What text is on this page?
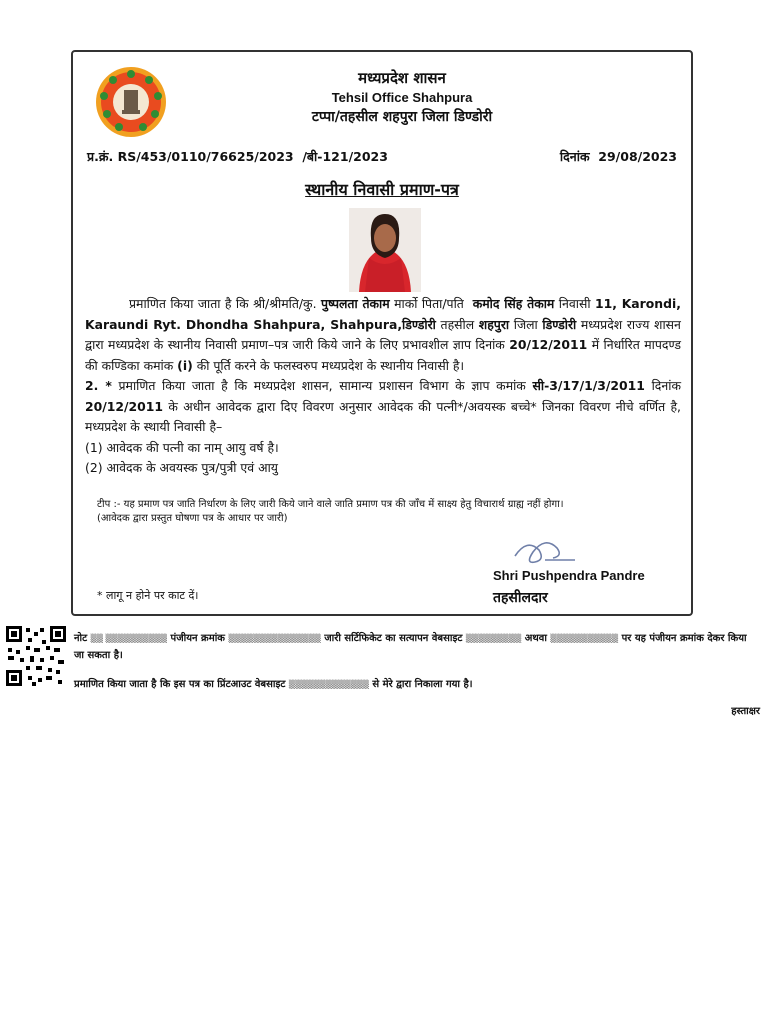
मध्यप्रदेश शासन
Tehsil Office Shahpura
टप्पा/तहसील शहपुरा जिला डिण्डोरी
प्र.क्रं. RS/453/0110/76625/2023 /बी-121/2023	दिनांक 29/08/2023
स्थानीय निवासी प्रमाण-पत्र

प्रमाणित किया जाता है कि श्री/श्रीमति/कु. पुष्पलता तेकाम मार्को पिता/पति कमोद सिंह तेकाम निवासी 11, Karondi, Karaundi Ryt. Dhondha Shahpura, Shahpura,डिण्डोरी तहसील शहपुरा जिला डिण्डोरी मध्यप्रदेश राज्य शासन द्वारा मध्यप्रदेश के स्थानीय निवासी प्रमाण–पत्र जारी किये जाने के लिए प्रभावशील ज्ञाप दिनांक 20/12/2011 में निर्धारित मापदण्ड की कण्डिका कमांक (i) की पूर्ति करने के फलस्वरुप मध्यप्रदेश के स्थानीय निवासी है।

2. * प्रमाणित किया जाता है कि मध्यप्रदेश शासन, सामान्य प्रशासन विभाग के ज्ञाप कमांक सी-3/17/1/3/2011 दिनांक 20/12/2011 के अधीन आवेदक द्वारा दिए विवरण अनुसार आवेदक की पत्नी*/अवयस्क बच्चे* जिनका विवरण नीचे वर्णित है, मध्यप्रदेश के स्थायी निवासी है–

(1) आवेदक की पत्नी का नाम् आयु वर्ष है।

(2) आवेदक के अवयस्क पुत्र/पुत्री एवं आयु

टीप :- यह प्रमाण पत्र जाति निर्धारण के लिए जारी किये जाने वाले जाति प्रमाण पत्र की जाँच में साक्ष्य हेतु विचारार्थ ग्राह्य नहीं होगा।
(आवेदक द्वारा प्रस्तुत घोषणा पत्र के आधार पर जारी)
Shri Pushpendra Pandre
तहसीलदार
* लागू न होने पर काट दें।
नोट ▒▒ ▒▒▒▒▒▒▒▒▒▒ पंजीयन क्रमांक ▒▒▒▒▒▒▒▒▒▒▒▒▒▒▒ जारी सर्टिफिकेट का सत्यापन वेबसाइट ▒▒▒▒▒▒▒▒▒ अथवा ▒▒▒▒▒▒▒▒▒▒▒ पर यह पंजीयन क्रमांक देकर किया जा सकता है।
प्रमाणित किया जाता है कि इस पत्र का प्रिंटआउट वेबसाइट ▒▒▒▒▒▒▒▒▒▒▒▒▒ से मेरे द्वारा निकाला गया है।
हस्ताक्षर
